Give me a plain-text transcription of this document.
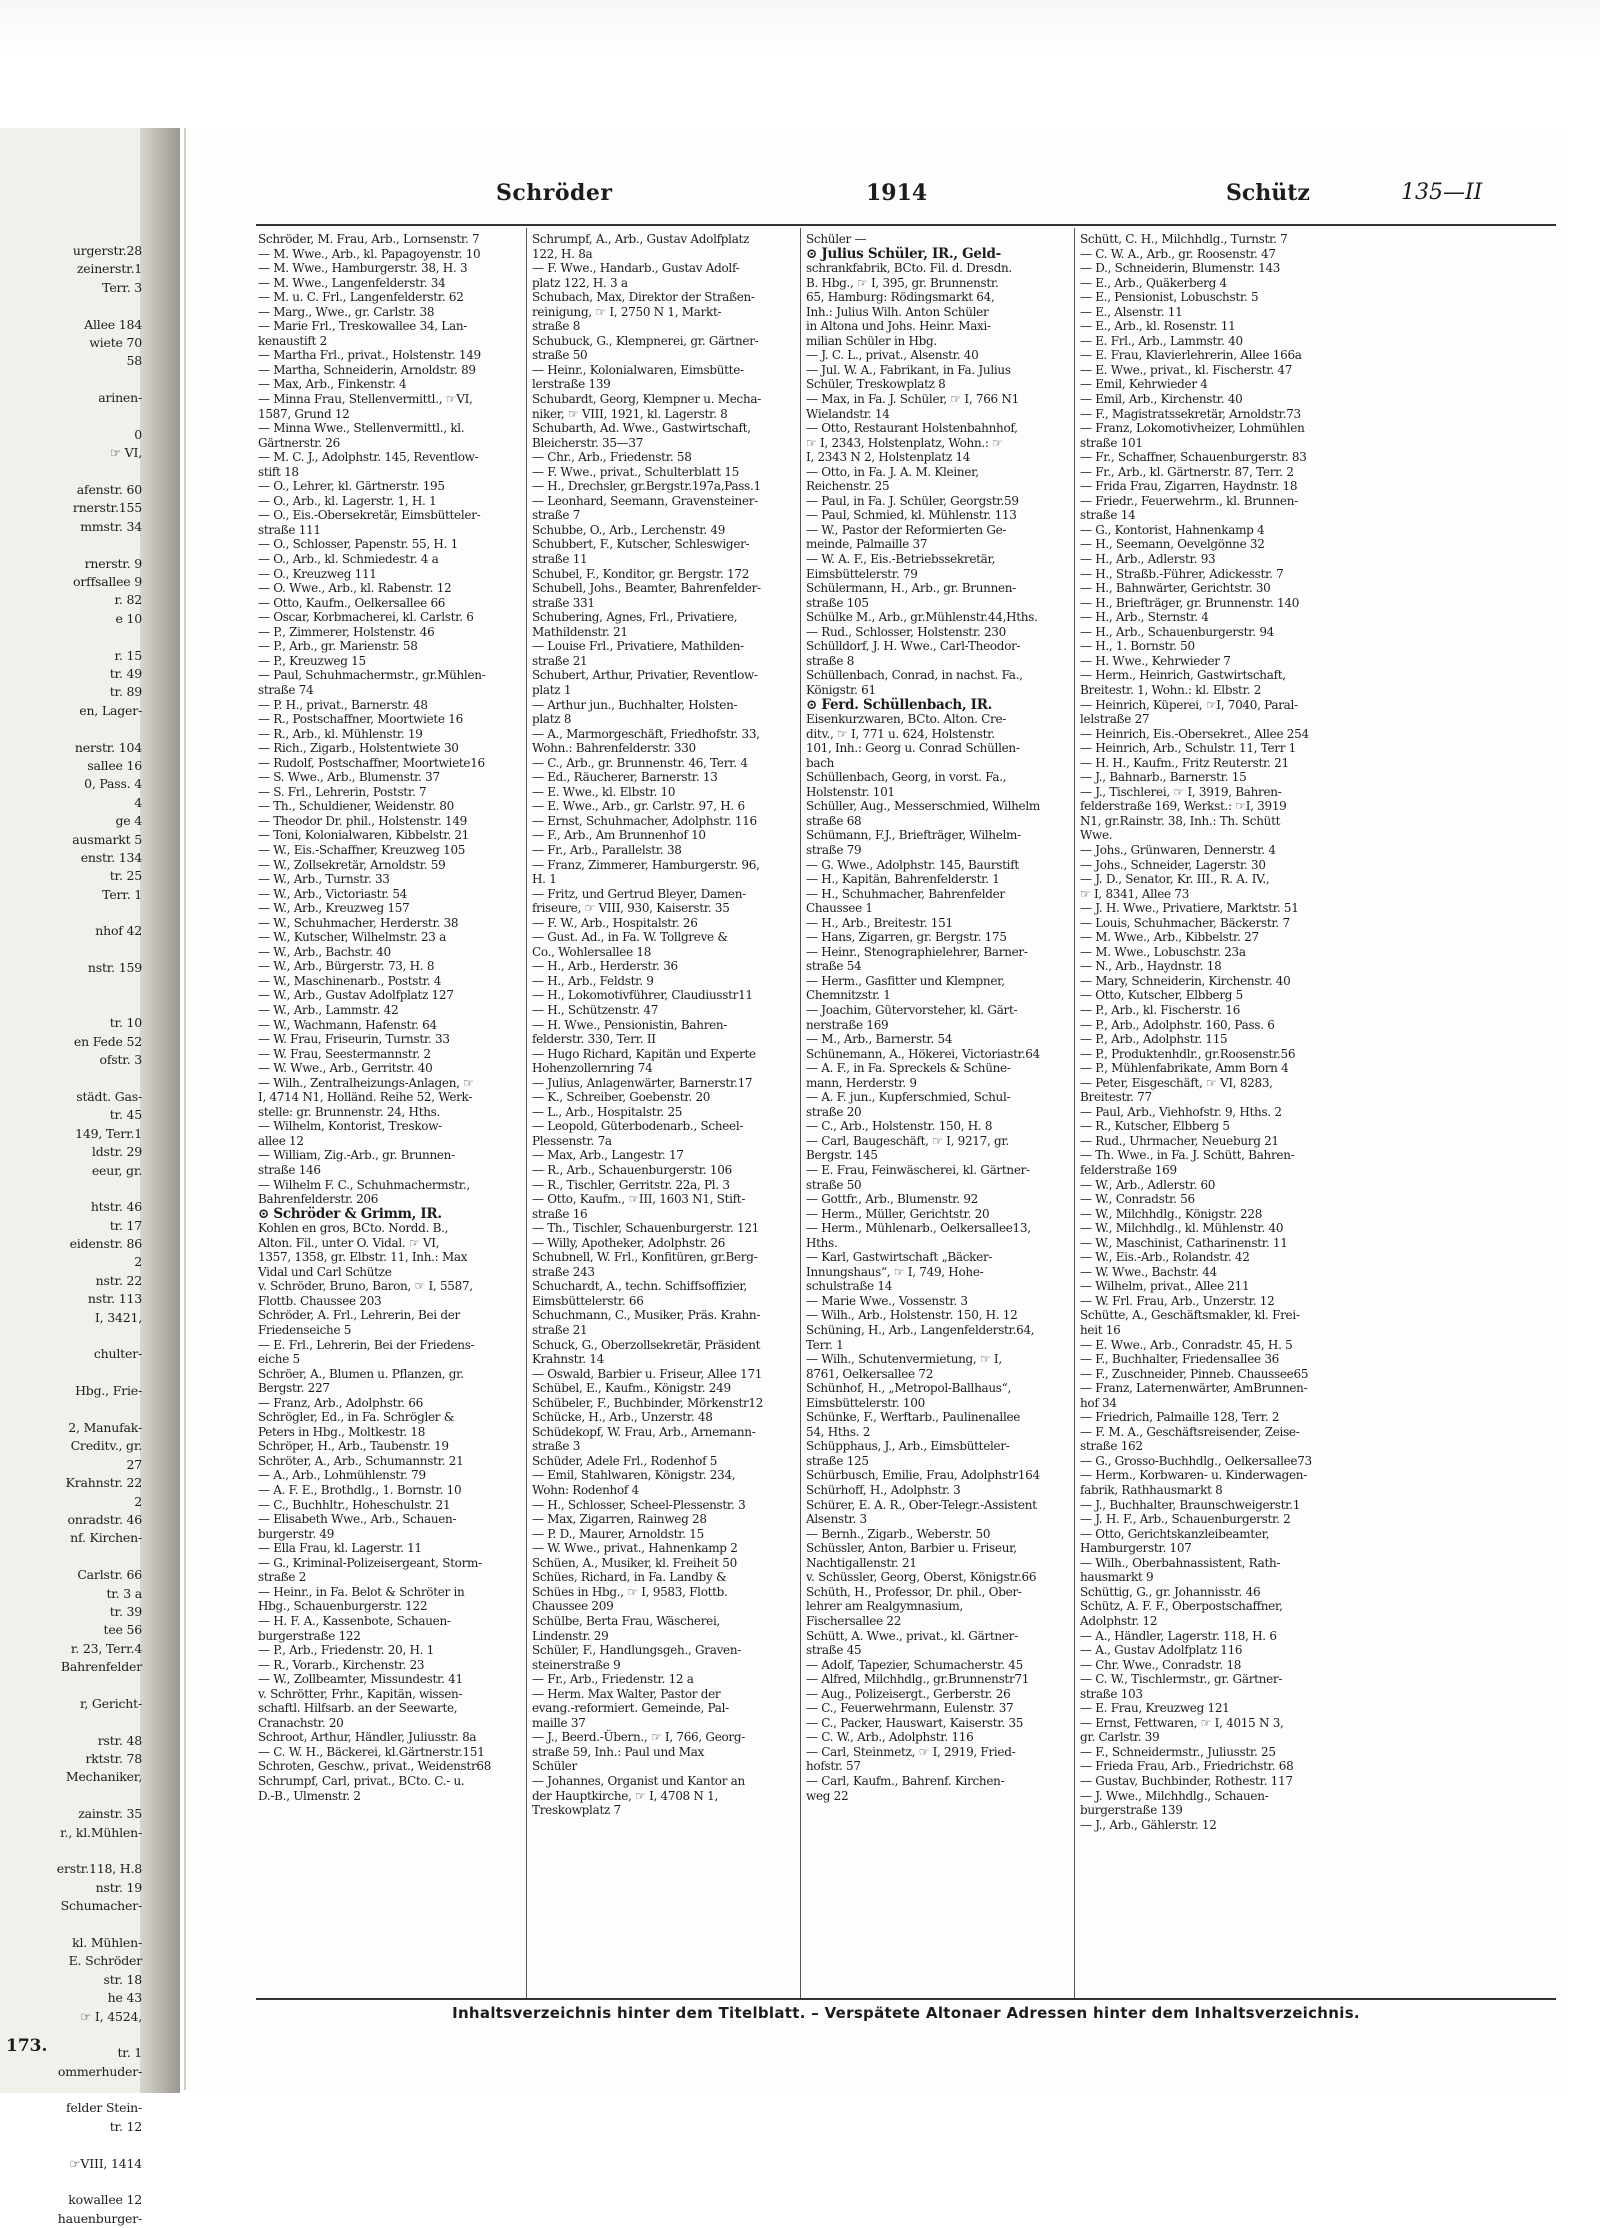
urgerstr.28
zeinerstr.1
Terr. 3
Allee 184
wiete 70
58
arinen-
0
☞ VI,
afenstr. 60
rnerstr.155
mmstr. 34
rnerstr. 9
orffsallee 9
r. 82
e 10
r. 15
tr. 49
tr. 89
en, Lager-
nerstr. 104
sallee 16
0, Pass. 4
4
ge 4
ausmarkt 5
enstr. 134
tr. 25
Terr. 1
nhof 42
nstr. 159
tr. 10
en Fede 52
ofstr. 3
städt. Gas-
tr. 45
149, Terr.1
ldstr. 29
eeur, gr.
htstr. 46
tr. 17
eidenstr. 86
2
nstr. 22
nstr. 113
I, 3421,
chulter-
Hbg., Frie-
2, Manufak-
Creditv., gr.
27
Krahnstr. 22
2
onradstr. 46
nf. Kirchen-
Carlstr. 66
tr. 3 a
tr. 39
tee 56
r. 23, Terr.4
Bahrenfelder
r, Gericht-
rstr. 48
rktstr. 78
Mechaniker,
zainstr. 35
r., kl.Mühlen-
erstr.118, H.8
nstr. 19
Schumacher-
kl. Mühlen-
E. Schröder
str. 18
he 43
☞ I, 4524,
tr. 1
ommerhuder-
felder Stein-
tr. 12
☞VIII, 1414
kowallee 12
hauenburger-
173.
Schröder	1914	Schütz	135—II
Schröder, M. Frau, Arb., Lornsenstr. 7
— M. Wwe., Arb., kl. Papagoyenstr. 10
— M. Wwe., Hamburgerstr. 38, H. 3
— M. Wwe., Langenfelderstr. 34
— M. u. C. Frl., Langenfelderstr. 62
— Marg., Wwe., gr. Carlstr. 38
— Marie Frl., Treskowallee 34, Lan-
kenaustift 2
— Martha Frl., privat., Holstenstr. 149
— Martha, Schneiderin, Arnoldstr. 89
— Max, Arb., Finkenstr. 4
— Minna Frau, Stellenvermittl., ☞VI,
1587, Grund 12
— Minna Wwe., Stellenvermittl., kl.
Gärtnerstr. 26
— M. C. J., Adolphstr. 145, Reventlow-
stift 18
— O., Lehrer, kl. Gärtnerstr. 195
— O., Arb., kl. Lagerstr. 1, H. 1
— O., Eis.-Obersekretär, Eimsbütteler-
straße 111
— O., Schlosser, Papenstr. 55, H. 1
— O., Arb., kl. Schmiedestr. 4 a
— O., Kreuzweg 111
— O. Wwe., Arb., kl. Rabenstr. 12
— Otto, Kaufm., Oelkersallee 66
— Oscar, Korbmacherei, kl. Carlstr. 6
— P., Zimmerer, Holstenstr. 46
— P., Arb., gr. Marienstr. 58
— P., Kreuzweg 15
— Paul, Schuhmachermstr., gr.Mühlen-
straße 74
— P. H., privat., Barnerstr. 48
— R., Postschaffner, Moortwiete 16
— R., Arb., kl. Mühlenstr. 19
— Rich., Zigarb., Holstentwiete 30
— Rudolf, Postschaffner, Moortwiete16
— S. Wwe., Arb., Blumenstr. 37
— S. Frl., Lehrerin, Poststr. 7
— Th., Schuldiener, Weidenstr. 80
— Theodor Dr. phil., Holstenstr. 149
— Toni, Kolonialwaren, Kibbelstr. 21
— W., Eis.-Schaffner, Kreuzweg 105
— W., Zollsekretär, Arnoldstr. 59
— W., Arb., Turnstr. 33
— W., Arb., Victoriastr. 54
— W., Arb., Kreuzweg 157
— W., Schuhmacher, Herderstr. 38
— W., Kutscher, Wilhelmstr. 23 a
— W., Arb., Bachstr. 40
— W., Arb., Bürgerstr. 73, H. 8
— W., Maschinenarb., Poststr. 4
— W., Arb., Gustav Adolfplatz 127
— W., Arb., Lammstr. 42
— W., Wachmann, Hafenstr. 64
— W. Frau, Friseurin, Turnstr. 33
— W. Frau, Seestermannstr. 2
— W. Wwe., Arb., Gerritstr. 40
— Wilh., Zentralheizungs-Anlagen, ☞
I, 4714 N1, Holländ. Reihe 52, Werk-
stelle: gr. Brunnenstr. 24, Hths.
— Wilhelm, Kontorist, Treskow-
allee 12
— William, Zig.-Arb., gr. Brunnen-
straße 146
— Wilhelm F. C., Schuhmachermstr.,
Bahrenfelderstr. 206
⊙ Schröder & Grimm, IR.
Kohlen en gros, BCto. Nordd. B.,
Alton. Fil., unter O. Vidal. ☞ VI,
1357, 1358, gr. Elbstr. 11, Inh.: Max
Vidal und Carl Schütze
v. Schröder, Bruno, Baron, ☞ I, 5587,
Flottb. Chaussee 203
Schröder, A. Frl., Lehrerin, Bei der
Friedenseiche 5
— E. Frl., Lehrerin, Bei der Friedens-
eiche 5
Schröer, A., Blumen u. Pflanzen, gr.
Bergstr. 227
— Franz, Arb., Adolphstr. 66
Schrögler, Ed., in Fa. Schrögler &
Peters in Hbg., Moltkestr. 18
Schröper, H., Arb., Taubenstr. 19
Schröter, A., Arb., Schumannstr. 21
— A., Arb., Lohmühlenstr. 79
— A. F. E., Brothdlg., 1. Bornstr. 10
— C., Buchhltr., Hoheschulstr. 21
— Elisabeth Wwe., Arb., Schauen-
burgerstr. 49
— Ella Frau, kl. Lagerstr. 11
— G., Kriminal-Polizeisergeant, Storm-
straße 2
— Heinr., in Fa. Belot & Schröter in
Hbg., Schauenburgerstr. 122
— H. F. A., Kassenbote, Schauen-
burgerstraße 122
— P., Arb., Friedenstr. 20, H. 1
— R., Vorarb., Kirchenstr. 23
— W., Zollbeamter, Missundestr. 41
v. Schrötter, Frhr., Kapitän, wissen-
schaftl. Hilfsarb. an der Seewarte,
Cranachstr. 20
Schroot, Arthur, Händler, Juliusstr. 8a
— C. W. H., Bäckerei, kl.Gärtnerstr.151
Schroten, Geschw., privat., Weidenstr68
Schrumpf, Carl, privat., BCto. C.- u.
D.-B., Ulmenstr. 2
Schrumpf, A., Arb., Gustav Adolfplatz
122, H. 8a
— F. Wwe., Handarb., Gustav Adolf-
platz 122, H. 3 a
Schubach, Max, Direktor der Straßen-
reinigung, ☞ I, 2750 N 1, Markt-
straße 8
Schubuck, G., Klempnerei, gr. Gärtner-
straße 50
— Heinr., Kolonialwaren, Eimsbütte-
lerstraße 139
Schubardt, Georg, Klempner u. Mecha-
niker, ☞ VIII, 1921, kl. Lagerstr. 8
Schubarth, Ad. Wwe., Gastwirtschaft,
Bleicherstr. 35—37
— Chr., Arb., Friedenstr. 58
— F. Wwe., privat., Schulterblatt 15
— H., Drechsler, gr.Bergstr.197a,Pass.1
— Leonhard, Seemann, Gravensteiner-
straße 7
Schubbe, O., Arb., Lerchenstr. 49
Schubbert, F., Kutscher, Schleswiger-
straße 11
Schubel, F., Konditor, gr. Bergstr. 172
Schubell, Johs., Beamter, Bahrenfelder-
straße 331
Schubering, Agnes, Frl., Privatiere,
Mathildenstr. 21
— Louise Frl., Privatiere, Mathilden-
straße 21
Schubert, Arthur, Privatier, Reventlow-
platz 1
— Arthur jun., Buchhalter, Holsten-
platz 8
— A., Marmorgeschäft, Friedhofstr. 33,
Wohn.: Bahrenfelderstr. 330
— C., Arb., gr. Brunnenstr. 46, Terr. 4
— Ed., Räucherer, Barnerstr. 13
— E. Wwe., kl. Elbstr. 10
— E. Wwe., Arb., gr. Carlstr. 97, H. 6
— Ernst, Schuhmacher, Adolphstr. 116
— F., Arb., Am Brunnenhof 10
— Fr., Arb., Parallelstr. 38
— Franz, Zimmerer, Hamburgerstr. 96,
H. 1
— Fritz, und Gertrud Bleyer, Damen-
friseure, ☞ VIII, 930, Kaiserstr. 35
— F. W., Arb., Hospitalstr. 26
— Gust. Ad., in Fa. W. Tollgreve &
Co., Wohlersallee 18
— H., Arb., Herderstr. 36
— H., Arb., Feldstr. 9
— H., Lokomotivführer, Claudiusstr11
— H., Schützenstr. 47
— H. Wwe., Pensionistin, Bahren-
felderstr. 330, Terr. II
— Hugo Richard, Kapitän und Experte
Hohenzollernring 74
— Julius, Anlagenwärter, Barnerstr.17
— K., Schreiber, Goebenstr. 20
— L., Arb., Hospitalstr. 25
— Leopold, Güterbodenarb., Scheel-
Plessenstr. 7a
— Max, Arb., Langestr. 17
— R., Arb., Schauenburgerstr. 106
— R., Tischler, Gerritstr. 22a, Pl. 3
— Otto, Kaufm., ☞III, 1603 N1, Stift-
straße 16
— Th., Tischler, Schauenburgerstr. 121
— Willy, Apotheker, Adolphstr. 26
Schubnell, W. Frl., Konfitüren, gr.Berg-
straße 243
Schuchardt, A., techn. Schiffsoffizier,
Eimsbüttelerstr. 66
Schuchmann, C., Musiker, Präs. Krahn-
straße 21
Schuck, G., Oberzollsekretär, Präsident
Krahnstr. 14
— Oswald, Barbier u. Friseur, Allee 171
Schübel, E., Kaufm., Königstr. 249
Schübeler, F., Buchbinder, Mörkenstr12
Schücke, H., Arb., Unzerstr. 48
Schüdekopf, W. Frau, Arb., Arnemann-
straße 3
Schüder, Adele Frl., Rodenhof 5
— Emil, Stahlwaren, Königstr. 234,
Wohn: Rodenhof 4
— H., Schlosser, Scheel-Plessenstr. 3
— Max, Zigarren, Rainweg 28
— P. D., Maurer, Arnoldstr. 15
— W. Wwe., privat., Hahnenkamp 2
Schüen, A., Musiker, kl. Freiheit 50
Schües, Richard, in Fa. Landby &
Schües in Hbg., ☞ I, 9583, Flottb.
Chaussee 209
Schülbe, Berta Frau, Wäscherei,
Lindenstr. 29
Schüler, F., Handlungsgeh., Graven-
steinerstraße 9
— Fr., Arb., Friedenstr. 12 a
— Herm. Max Walter, Pastor der
evang.-reformiert. Gemeinde, Pal-
maille 37
— J., Beerd.-Übern., ☞ I, 766, Georg-
straße 59, Inh.: Paul und Max
Schüler
— Johannes, Organist und Kantor an
der Hauptkirche, ☞ I, 4708 N 1,
Treskowplatz 7
Schüler —
⊙ Julius Schüler, IR., Geld-
schrankfabrik, BCto. Fil. d. Dresdn.
B. Hbg., ☞ I, 395, gr. Brunnenstr.
65, Hamburg: Rödingsmarkt 64,
Inh.: Julius Wilh. Anton Schüler
in Altona und Johs. Heinr. Maxi-
milian Schüler in Hbg.
— J. C. L., privat., Alsenstr. 40
— Jul. W. A., Fabrikant, in Fa. Julius
Schüler, Treskowplatz 8
— Max, in Fa. J. Schüler, ☞ I, 766 N1
Wielandstr. 14
— Otto, Restaurant Holstenbahnhof,
☞ I, 2343, Holstenplatz, Wohn.: ☞
I, 2343 N 2, Holstenplatz 14
— Otto, in Fa. J. A. M. Kleiner,
Reichenstr. 25
— Paul, in Fa. J. Schüler, Georgstr.59
— Paul, Schmied, kl. Mühlenstr. 113
— W., Pastor der Reformierten Ge-
meinde, Palmaille 37
— W. A. F., Eis.-Betriebssekretär,
Eimsbüttelerstr. 79
Schülermann, H., Arb., gr. Brunnen-
straße 105
Schülke M., Arb., gr.Mühlenstr.44,Hths.
— Rud., Schlosser, Holstenstr. 230
Schülldorf, J. H. Wwe., Carl-Theodor-
straße 8
Schüllenbach, Conrad, in nachst. Fa.,
Königstr. 61
⊙ Ferd. Schüllenbach, IR.
Eisenkurzwaren, BCto. Alton. Cre-
ditv., ☞ I, 771 u. 624, Holstenstr.
101, Inh.: Georg u. Conrad Schüllen-
bach
Schüllenbach, Georg, in vorst. Fa.,
Holstenstr. 101
Schüller, Aug., Messerschmied, Wilhelm
straße 68
Schümann, F.J., Briefträger, Wilhelm-
straße 79
— G. Wwe., Adolphstr. 145, Baurstift
— H., Kapitän, Bahrenfelderstr. 1
— H., Schuhmacher, Bahrenfelder
Chaussee 1
— H., Arb., Breitestr. 151
— Hans, Zigarren, gr. Bergstr. 175
— Heinr., Stenographielehrer, Barner-
straße 54
— Herm., Gasfitter und Klempner,
Chemnitzstr. 1
— Joachim, Gütervorsteher, kl. Gärt-
nerstraße 169
— M., Arb., Barnerstr. 54
Schünemann, A., Hökerei, Victoriastr.64
— A. F., in Fa. Spreckels & Schüne-
mann, Herderstr. 9
— A. F. jun., Kupferschmied, Schul-
straße 20
— C., Arb., Holstenstr. 150, H. 8
— Carl, Baugeschäft, ☞ I, 9217, gr.
Bergstr. 145
— E. Frau, Feinwäscherei, kl. Gärtner-
straße 50
— Gottfr., Arb., Blumenstr. 92
— Herm., Müller, Gerichtstr. 20
— Herm., Mühlenarb., Oelkersallee13,
Hths.
— Karl, Gastwirtschaft „Bäcker-
Innungshaus“, ☞ I, 749, Hohe-
schulstraße 14
— Marie Wwe., Vossenstr. 3
— Wilh., Arb., Holstenstr. 150, H. 12
Schüning, H., Arb., Langenfelderstr.64,
Terr. 1
— Wilh., Schutenvermietung, ☞ I,
8761, Oelkersallee 72
Schünhof, H., „Metropol-Ballhaus“,
Eimsbüttelerstr. 100
Schünke, F., Werftarb., Paulinenallee
54, Hths. 2
Schüpphaus, J., Arb., Eimsbütteler-
straße 125
Schürbusch, Emilie, Frau, Adolphstr164
Schürhoff, H., Adolphstr. 3
Schürer, E. A. R., Ober-Telegr.-Assistent
Alsenstr. 3
— Bernh., Zigarb., Weberstr. 50
Schüssler, Anton, Barbier u. Friseur,
Nachtigallenstr. 21
v. Schüssler, Georg, Oberst, Königstr.66
Schüth, H., Professor, Dr. phil., Ober-
lehrer am Realgymnasium,
Fischersallee 22
Schütt, A. Wwe., privat., kl. Gärtner-
straße 45
— Adolf, Tapezier, Schumacherstr. 45
— Alfred, Milchhdlg., gr.Brunnenstr71
— Aug., Polizeisergt., Gerberstr. 26
— C., Feuerwehrmann, Eulenstr. 37
— C., Packer, Hauswart, Kaiserstr. 35
— C. W., Arb., Adolphstr. 116
— Carl, Steinmetz, ☞ I, 2919, Fried-
hofstr. 57
— Carl, Kaufm., Bahrenf. Kirchen-
weg 22
Schütt, C. H., Milchhdlg., Turnstr. 7
— C. W. A., Arb., gr. Roosenstr. 47
— D., Schneiderin, Blumenstr. 143
— E., Arb., Quäkerberg 4
— E., Pensionist, Lobuschstr. 5
— E., Alsenstr. 11
— E., Arb., kl. Rosenstr. 11
— E. Frl., Arb., Lammstr. 40
— E. Frau, Klavierlehrerin, Allee 166a
— E. Wwe., privat., kl. Fischerstr. 47
— Emil, Kehrwieder 4
— Emil, Arb., Kirchenstr. 40
— F., Magistratssekretär, Arnoldstr.73
— Franz, Lokomotivheizer, Lohmühlen
straße 101
— Fr., Schaffner, Schauenburgerstr. 83
— Fr., Arb., kl. Gärtnerstr. 87, Terr. 2
— Frida Frau, Zigarren, Haydnstr. 18
— Friedr., Feuerwehrm., kl. Brunnen-
straße 14
— G., Kontorist, Hahnenkamp 4
— H., Seemann, Oevelgönne 32
— H., Arb., Adlerstr. 93
— H., Straßb.-Führer, Adickesstr. 7
— H., Bahnwärter, Gerichtstr. 30
— H., Briefträger, gr. Brunnenstr. 140
— H., Arb., Sternstr. 4
— H., Arb., Schauenburgerstr. 94
— H., 1. Bornstr. 50
— H. Wwe., Kehrwieder 7
— Herm., Heinrich, Gastwirtschaft,
Breitestr. 1, Wohn.: kl. Elbstr. 2
— Heinrich, Küperei, ☞I, 7040, Paral-
lelstraße 27
— Heinrich, Eis.-Obersekret., Allee 254
— Heinrich, Arb., Schulstr. 11, Terr 1
— H. H., Kaufm., Fritz Reuterstr. 21
— J., Bahnarb., Barnerstr. 15
— J., Tischlerei, ☞ I, 3919, Bahren-
felderstraße 169, Werkst.: ☞I, 3919
N1, gr.Rainstr. 38, Inh.: Th. Schütt
Wwe.
— Johs., Grünwaren, Dennerstr. 4
— Johs., Schneider, Lagerstr. 30
— J. D., Senator, Kr. III., R. A. IV.,
☞ I, 8341, Allee 73
— J. H. Wwe., Privatiere, Marktstr. 51
— Louis, Schuhmacher, Bäckerstr. 7
— M. Wwe., Arb., Kibbelstr. 27
— M. Wwe., Lobuschstr. 23a
— N., Arb., Haydnstr. 18
— Mary, Schneiderin, Kirchenstr. 40
— Otto, Kutscher, Elbberg 5
— P., Arb., kl. Fischerstr. 16
— P., Arb., Adolphstr. 160, Pass. 6
— P., Arb., Adolphstr. 115
— P., Produktenhdlr., gr.Roosenstr.56
— P., Mühlenfabrikate, Amm Born 4
— Peter, Eisgeschäft, ☞ VI, 8283,
Breitestr. 77
— Paul, Arb., Viehhofstr. 9, Hths. 2
— R., Kutscher, Elbberg 5
— Rud., Uhrmacher, Neueburg 21
— Th. Wwe., in Fa. J. Schütt, Bahren-
felderstraße 169
— W., Arb., Adlerstr. 60
— W., Conradstr. 56
— W., Milchhdlg., Königstr. 228
— W., Milchhdlg., kl. Mühlenstr. 40
— W., Maschinist, Catharinenstr. 11
— W., Eis.-Arb., Rolandstr. 42
— W. Wwe., Bachstr. 44
— Wilhelm, privat., Allee 211
— W. Frl. Frau, Arb., Unzerstr. 12
Schütte, A., Geschäftsmakler, kl. Frei-
heit 16
— E. Wwe., Arb., Conradstr. 45, H. 5
— F., Buchhalter, Friedensallee 36
— F., Zuschneider, Pinneb. Chaussee65
— Franz, Laternenwärter, AmBrunnen-
hof 34
— Friedrich, Palmaille 128, Terr. 2
— F. M. A., Geschäftsreisender, Zeise-
straße 162
— G., Grosso-Buchhdlg., Oelkersallee73
— Herm., Korbwaren- u. Kinderwagen-
fabrik, Rathhausmarkt 8
— J., Buchhalter, Braunschweigerstr.1
— J. H. F., Arb., Schauenburgerstr. 2
— Otto, Gerichtskanzleibeamter,
Hamburgerstr. 107
— Wilh., Oberbahnassistent, Rath-
hausmarkt 9
Schüttig, G., gr. Johannisstr. 46
Schütz, A. F. F., Oberpostschaffner,
Adolphstr. 12
— A., Händler, Lagerstr. 118, H. 6
— A., Gustav Adolfplatz 116
— Chr. Wwe., Conradstr. 18
— C. W., Tischlermstr., gr. Gärtner-
straße 103
— E. Frau, Kreuzweg 121
— Ernst, Fettwaren, ☞ I, 4015 N 3,
gr. Carlstr. 39
— F., Schneidermstr., Juliusstr. 25
— Frieda Frau, Arb., Friedrichstr. 68
— Gustav, Buchbinder, Rothestr. 117
— J. Wwe., Milchhdlg., Schauen-
burgerstraße 139
— J., Arb., Gählerstr. 12
Inhaltsverzeichnis hinter dem Titelblatt. – Verspätete Altonaer Adressen hinter dem Inhaltsverzeichnis.
